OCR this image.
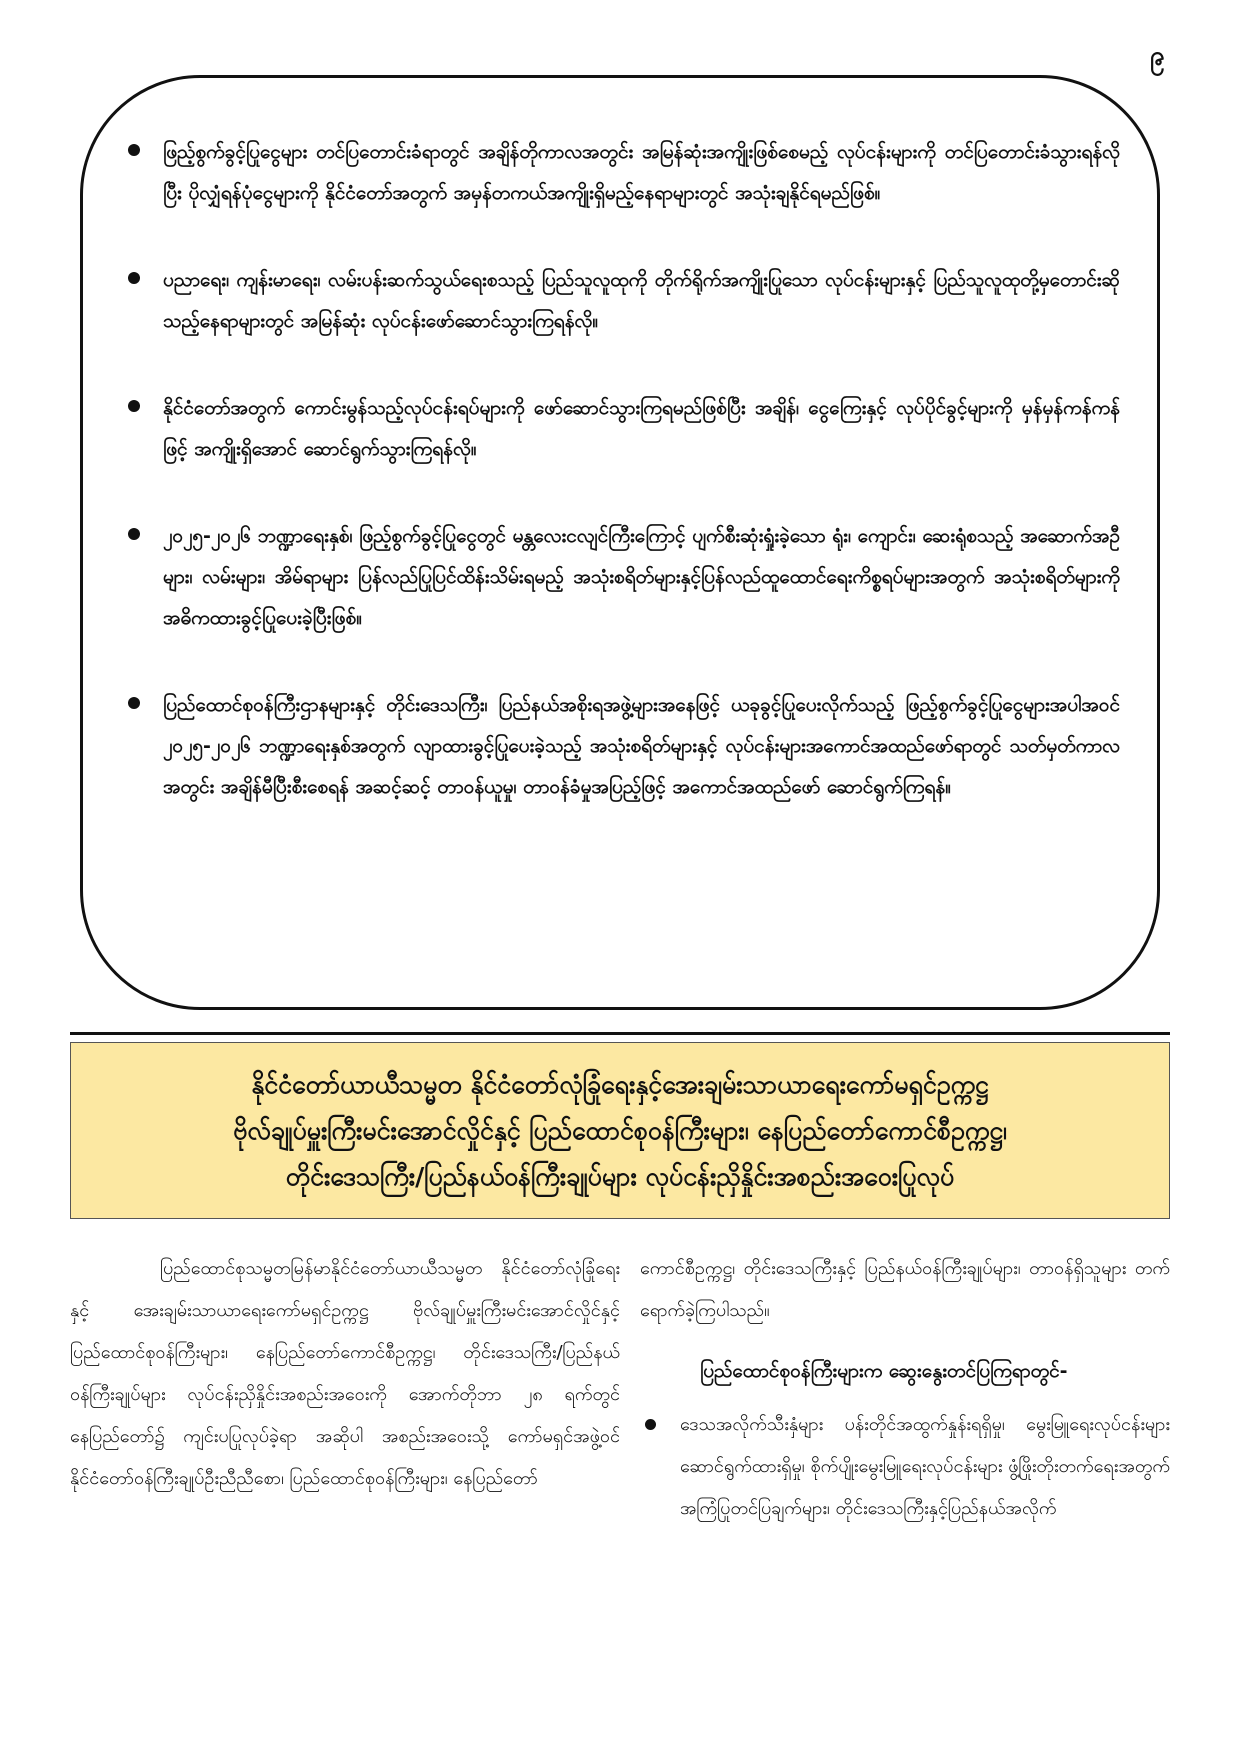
၉

ဖြည့်စွက်ခွင့်ပြုငွေများ တင်ပြတောင်းခံရာတွင် အချိန်တိုကာလအတွင်း အမြန်ဆုံးအကျိုးဖြစ်စေမည့် လုပ်ငန်းများကို တင်ပြတောင်းခံသွားရန်လိုပြီး ပိုလျှံရန်ပုံငွေများကို နိုင်ငံတော်အတွက် အမှန်တကယ်အကျိုးရှိမည့်နေရာများတွင် အသုံးချနိုင်ရမည်ဖြစ်။

ပညာရေး၊ ကျန်းမာရေး၊ လမ်းပန်းဆက်သွယ်ရေးစသည့် ပြည်သူလူထုကို တိုက်ရိုက်အကျိုးပြုသော လုပ်ငန်းများနှင့် ပြည်သူလူထုတို့မှတောင်းဆိုသည့်နေရာများတွင် အမြန်ဆုံး လုပ်ငန်းဖော်ဆောင်သွားကြရန်လို။

နိုင်ငံတော်အတွက် ကောင်းမွန်သည့်လုပ်ငန်းရပ်များကို ဖော်ဆောင်သွားကြရမည်ဖြစ်ပြီး အချိန်၊ ငွေကြေးနှင့် လုပ်ပိုင်ခွင့်များကို မှန်မှန်ကန်ကန်ဖြင့် အကျိုးရှိအောင် ဆောင်ရွက်သွားကြရန်လို။

၂၀၂၅-၂၀၂၆ ဘဏ္ဍာရေးနှစ်၊ ဖြည့်စွက်ခွင့်ပြုငွေတွင် မန္တလေးငလျင်ကြီးကြောင့် ပျက်စီးဆုံးရှုံးခဲ့သော ရုံး၊ ကျောင်း၊ ဆေးရုံစသည့် အဆောက်အဦများ၊ လမ်းများ၊ အိမ်ရာများ ပြန်လည်ပြုပြင်ထိန်းသိမ်းရမည့် အသုံးစရိတ်များနှင့်ပြန်လည်ထူထောင်ရေးကိစ္စရပ်များအတွက် အသုံးစရိတ်များကို အဓိကထားခွင့်ပြုပေးခဲ့ပြီးဖြစ်။

ပြည်ထောင်စုဝန်ကြီးဌာနများနှင့် တိုင်းဒေသကြီး၊ ပြည်နယ်အစိုးရအဖွဲ့များအနေဖြင့် ယခုခွင့်ပြုပေးလိုက်သည့် ဖြည့်စွက်ခွင့်ပြုငွေများအပါအဝင် ၂၀၂၅-၂၀၂၆ ဘဏ္ဍာရေးနှစ်အတွက် လျာထားခွင့်ပြုပေးခဲ့သည့် အသုံးစရိတ်များနှင့် လုပ်ငန်းများအကောင်အထည်ဖော်ရာတွင် သတ်မှတ်ကာလအတွင်း အချိန်မီပြီးစီးစေရန် အဆင့်ဆင့် တာဝန်ယူမှု၊ တာဝန်ခံမှုအပြည့်ဖြင့် အကောင်အထည်ဖော် ဆောင်ရွက်ကြရန်။

နိုင်ငံတော်ယာယီသမ္မတ နိုင်ငံတော်လုံခြုံရေးနှင့်အေးချမ်းသာယာရေးကော်မရှင်ဥက္ကဋ္ဌ

ဗိုလ်ချုပ်မှူးကြီးမင်းအောင်လှိုင်နှင့် ပြည်ထောင်စုဝန်ကြီးများ၊ နေပြည်တော်ကောင်စီဥက္ကဋ္ဌ၊

တိုင်းဒေသကြီး/ပြည်နယ်ဝန်ကြီးချုပ်များ လုပ်ငန်းညှိနှိုင်းအစည်းအဝေးပြုလုပ်

ပြည်ထောင်စုသမ္မတမြန်မာနိုင်ငံတော်ယာယီသမ္မတ နိုင်ငံတော်လုံခြုံရေးနှင့် အေးချမ်းသာယာရေးကော်မရှင်ဥက္ကဋ္ဌ ဗိုလ်ချုပ်မှူးကြီးမင်းအောင်လှိုင်နှင့် ပြည်ထောင်စုဝန်ကြီးများ၊ နေပြည်တော်ကောင်စီဥက္ကဋ္ဌ၊ တိုင်းဒေသကြီး/ပြည်နယ်ဝန်ကြီးချုပ်များ လုပ်ငန်းညှိနှိုင်းအစည်းအဝေးကို အောက်တိုဘာ ၂၈ ရက်တွင် နေပြည်တော်၌ ကျင်းပပြုလုပ်ခဲ့ရာ အဆိုပါ အစည်းအဝေးသို့ ကော်မရှင်အဖွဲ့ဝင် နိုင်ငံတော်ဝန်ကြီးချုပ်ဦးညီညီစော၊ ပြည်ထောင်စုဝန်ကြီးများ၊ နေပြည်တော်

ကောင်စီဥက္ကဋ္ဌ၊ တိုင်းဒေသကြီးနှင့် ပြည်နယ်ဝန်ကြီးချုပ်များ၊ တာဝန်ရှိသူများ တက်ရောက်ခဲ့ကြပါသည်။

ပြည်ထောင်စုဝန်ကြီးများက ဆွေးနွေးတင်ပြကြရာတွင်-

ဒေသအလိုက်သီးနှံများ ပန်းတိုင်အထွက်နှုန်းရရှိမှု၊ မွေးမြူရေးလုပ်ငန်းများ ဆောင်ရွက်ထားရှိမှု၊ စိုက်ပျိုးမွေးမြူရေးလုပ်ငန်းများ ဖွံ့ဖြိုးတိုးတက်ရေးအတွက် အကြံပြုတင်ပြချက်များ၊ တိုင်းဒေသကြီးနှင့်ပြည်နယ်အလိုက်
